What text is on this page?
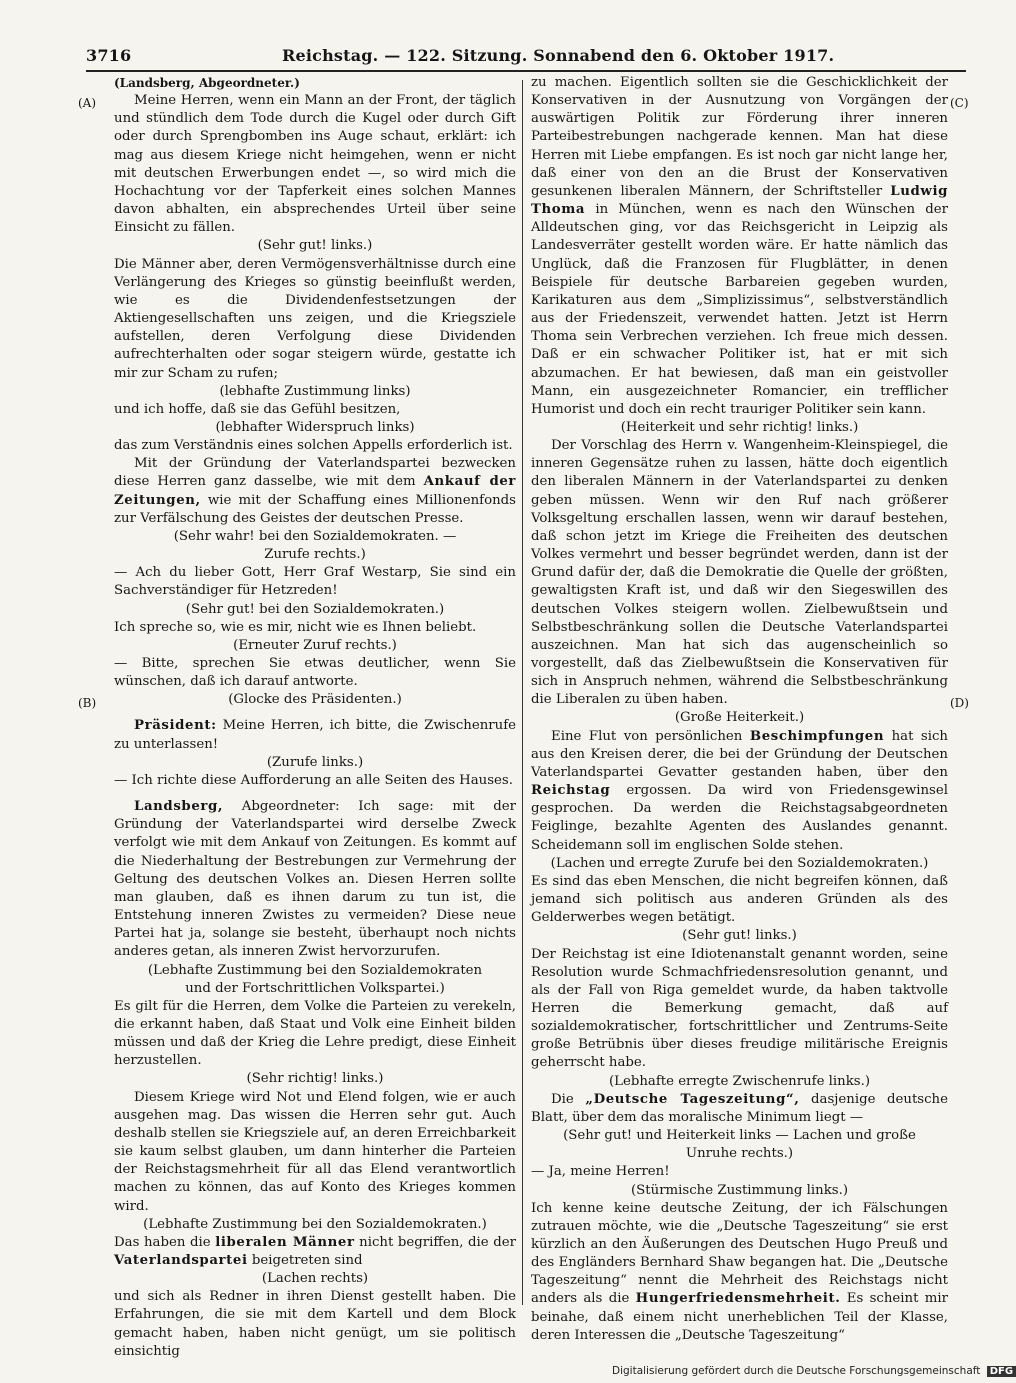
3716	Reichstag. — 122. Sitzung. Sonnabend den 6. Oktober 1917.
(A)
(B)
(C)
(D)

(Landsberg, Abgeordneter.)

Meine Herren, wenn ein Mann an der Front, der täglich und stündlich dem Tode durch die Kugel oder durch Gift oder durch Sprengbomben ins Auge schaut, erklärt: ich mag aus diesem Kriege nicht heimgehen, wenn er nicht mit deutschen Erwerbungen endet —, so wird mich die Hochachtung vor der Tapferkeit eines solchen Mannes davon abhalten, ein absprechendes Urteil über seine Einsicht zu fällen.

(Sehr gut! links.)

Die Männer aber, deren Vermögensverhältnisse durch eine Verlängerung des Krieges so günstig beeinflußt werden, wie es die Dividendenfestsetzungen der Aktiengesellschaften uns zeigen, und die Kriegsziele aufstellen, deren Verfolgung diese Dividenden aufrechterhalten oder sogar steigern würde, gestatte ich mir zur Scham zu rufen;

(lebhafte Zustimmung links)

und ich hoffe, daß sie das Gefühl besitzen,

(lebhafter Widerspruch links)

das zum Verständnis eines solchen Appells erforderlich ist.

Mit der Gründung der Vaterlandspartei bezwecken diese Herren ganz dasselbe, wie mit dem Ankauf der Zeitungen, wie mit der Schaffung eines Millionenfonds zur Verfälschung des Geistes der deutschen Presse.

(Sehr wahr! bei den Sozialdemokraten. —

Zurufe rechts.)

— Ach du lieber Gott, Herr Graf Westarp, Sie sind ein Sachverständiger für Hetzreden!

(Sehr gut! bei den Sozialdemokraten.)

Ich spreche so, wie es mir, nicht wie es Ihnen beliebt.

(Erneuter Zuruf rechts.)

— Bitte, sprechen Sie etwas deutlicher, wenn Sie wünschen, daß ich darauf antworte.

(Glocke des Präsidenten.)

Präsident: Meine Herren, ich bitte, die Zwischenrufe zu unterlassen!

(Zurufe links.)

— Ich richte diese Aufforderung an alle Seiten des Hauses.

Landsberg, Abgeordneter: Ich sage: mit der Gründung der Vaterlandspartei wird derselbe Zweck verfolgt wie mit dem Ankauf von Zeitungen. Es kommt auf die Niederhaltung der Bestrebungen zur Vermehrung der Geltung des deutschen Volkes an. Diesen Herren sollte man glauben, daß es ihnen darum zu tun ist, die Entstehung inneren Zwistes zu vermeiden? Diese neue Partei hat ja, solange sie besteht, überhaupt noch nichts anderes getan, als inneren Zwist hervorzurufen.

(Lebhafte Zustimmung bei den Sozialdemokraten

und der Fortschrittlichen Volkspartei.)

Es gilt für die Herren, dem Volke die Parteien zu verekeln, die erkannt haben, daß Staat und Volk eine Einheit bilden müssen und daß der Krieg die Lehre predigt, diese Einheit herzustellen.

(Sehr richtig! links.)

Diesem Kriege wird Not und Elend folgen, wie er auch ausgehen mag. Das wissen die Herren sehr gut. Auch deshalb stellen sie Kriegsziele auf, an deren Erreichbarkeit sie kaum selbst glauben, um dann hinterher die Parteien der Reichstagsmehrheit für all das Elend verantwortlich machen zu können, das auf Konto des Krieges kommen wird.

(Lebhafte Zustimmung bei den Sozialdemokraten.)

Das haben die liberalen Männer nicht begriffen, die der Vaterlandspartei beigetreten sind

(Lachen rechts)

und sich als Redner in ihren Dienst gestellt haben. Die Erfahrungen, die sie mit dem Kartell und dem Block gemacht haben, haben nicht genügt, um sie politisch einsichtig

zu machen. Eigentlich sollten sie die Geschicklichkeit der Konservativen in der Ausnutzung von Vorgängen der auswärtigen Politik zur Förderung ihrer inneren Parteibestrebungen nachgerade kennen. Man hat diese Herren mit Liebe empfangen. Es ist noch gar nicht lange her, daß einer von den an die Brust der Konservativen gesunkenen liberalen Männern, der Schriftsteller Ludwig Thoma in München, wenn es nach den Wünschen der Alldeutschen ging, vor das Reichsgericht in Leipzig als Landesverräter gestellt worden wäre. Er hatte nämlich das Unglück, daß die Franzosen für Flugblätter, in denen Beispiele für deutsche Barbareien gegeben wurden, Karikaturen aus dem „Simplizissimus“, selbstverständlich aus der Friedenszeit, verwendet hatten. Jetzt ist Herrn Thoma sein Verbrechen verziehen. Ich freue mich dessen. Daß er ein schwacher Politiker ist, hat er mit sich abzumachen. Er hat bewiesen, daß man ein geistvoller Mann, ein ausgezeichneter Romancier, ein trefflicher Humorist und doch ein recht trauriger Politiker sein kann.

(Heiterkeit und sehr richtig! links.)

Der Vorschlag des Herrn v. Wangenheim-Kleinspiegel, die inneren Gegensätze ruhen zu lassen, hätte doch eigentlich den liberalen Männern in der Vaterlandspartei zu denken geben müssen. Wenn wir den Ruf nach größerer Volksgeltung erschallen lassen, wenn wir darauf bestehen, daß schon jetzt im Kriege die Freiheiten des deutschen Volkes vermehrt und besser begründet werden, dann ist der Grund dafür der, daß die Demokratie die Quelle der größten, gewaltigsten Kraft ist, und daß wir den Siegeswillen des deutschen Volkes steigern wollen. Zielbewußtsein und Selbstbeschränkung sollen die Deutsche Vaterlandspartei auszeichnen. Man hat sich das augenscheinlich so vorgestellt, daß das Zielbewußtsein die Konservativen für sich in Anspruch nehmen, während die Selbstbeschränkung die Liberalen zu üben haben.

(Große Heiterkeit.)

Eine Flut von persönlichen Beschimpfungen hat sich aus den Kreisen derer, die bei der Gründung der Deutschen Vaterlandspartei Gevatter gestanden haben, über den Reichstag ergossen. Da wird von Friedensgewinsel gesprochen. Da werden die Reichstagsabgeordneten Feiglinge, bezahlte Agenten des Auslandes genannt. Scheidemann soll im englischen Solde stehen.

(Lachen und erregte Zurufe bei den Sozialdemokraten.)

Es sind das eben Menschen, die nicht begreifen können, daß jemand sich politisch aus anderen Gründen als des Gelderwerbes wegen betätigt.

(Sehr gut! links.)

Der Reichstag ist eine Idiotenanstalt genannt worden, seine Resolution wurde Schmachfriedensresolution genannt, und als der Fall von Riga gemeldet wurde, da haben taktvolle Herren die Bemerkung gemacht, daß auf sozialdemokratischer, fortschrittlicher und Zentrums-Seite große Betrübnis über dieses freudige militärische Ereignis geherrscht habe.

(Lebhafte erregte Zwischenrufe links.)

Die „Deutsche Tageszeitung“, dasjenige deutsche Blatt, über dem das moralische Minimum liegt —

(Sehr gut! und Heiterkeit links — Lachen und große

Unruhe rechts.)

— Ja, meine Herren!

(Stürmische Zustimmung links.)

Ich kenne keine deutsche Zeitung, der ich Fälschungen zutrauen möchte, wie die „Deutsche Tageszeitung“ sie erst kürzlich an den Äußerungen des Deutschen Hugo Preuß und des Engländers Bernhard Shaw begangen hat. Die „Deutsche Tageszeitung“ nennt die Mehrheit des Reichstags nicht anders als die Hungerfriedensmehrheit. Es scheint mir beinahe, daß einem nicht unerheblichen Teil der Klasse, deren Interessen die „Deutsche Tageszeitung“

Digitalisierung gefördert durch die Deutsche Forschungsgemeinschaft DFG
